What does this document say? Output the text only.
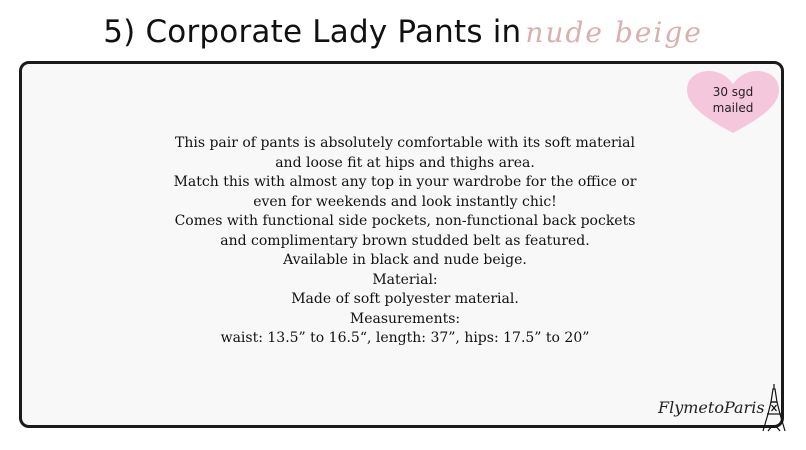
5) Corporate Lady Pants in nude beige
30 sgd
mailed
This pair of pants is absolutely comfortable with its soft material
and loose fit at hips and thighs area.
Match this with almost any top in your wardrobe for the office or
even for weekends and look instantly chic!
Comes with functional side pockets, non-functional back pockets
and complimentary brown studded belt as featured.
Available in black and nude beige.
Material:
Made of soft polyester material.
Measurements:
waist: 13.5” to 16.5“, length: 37”, hips: 17.5” to 20”
FlymetoParis
